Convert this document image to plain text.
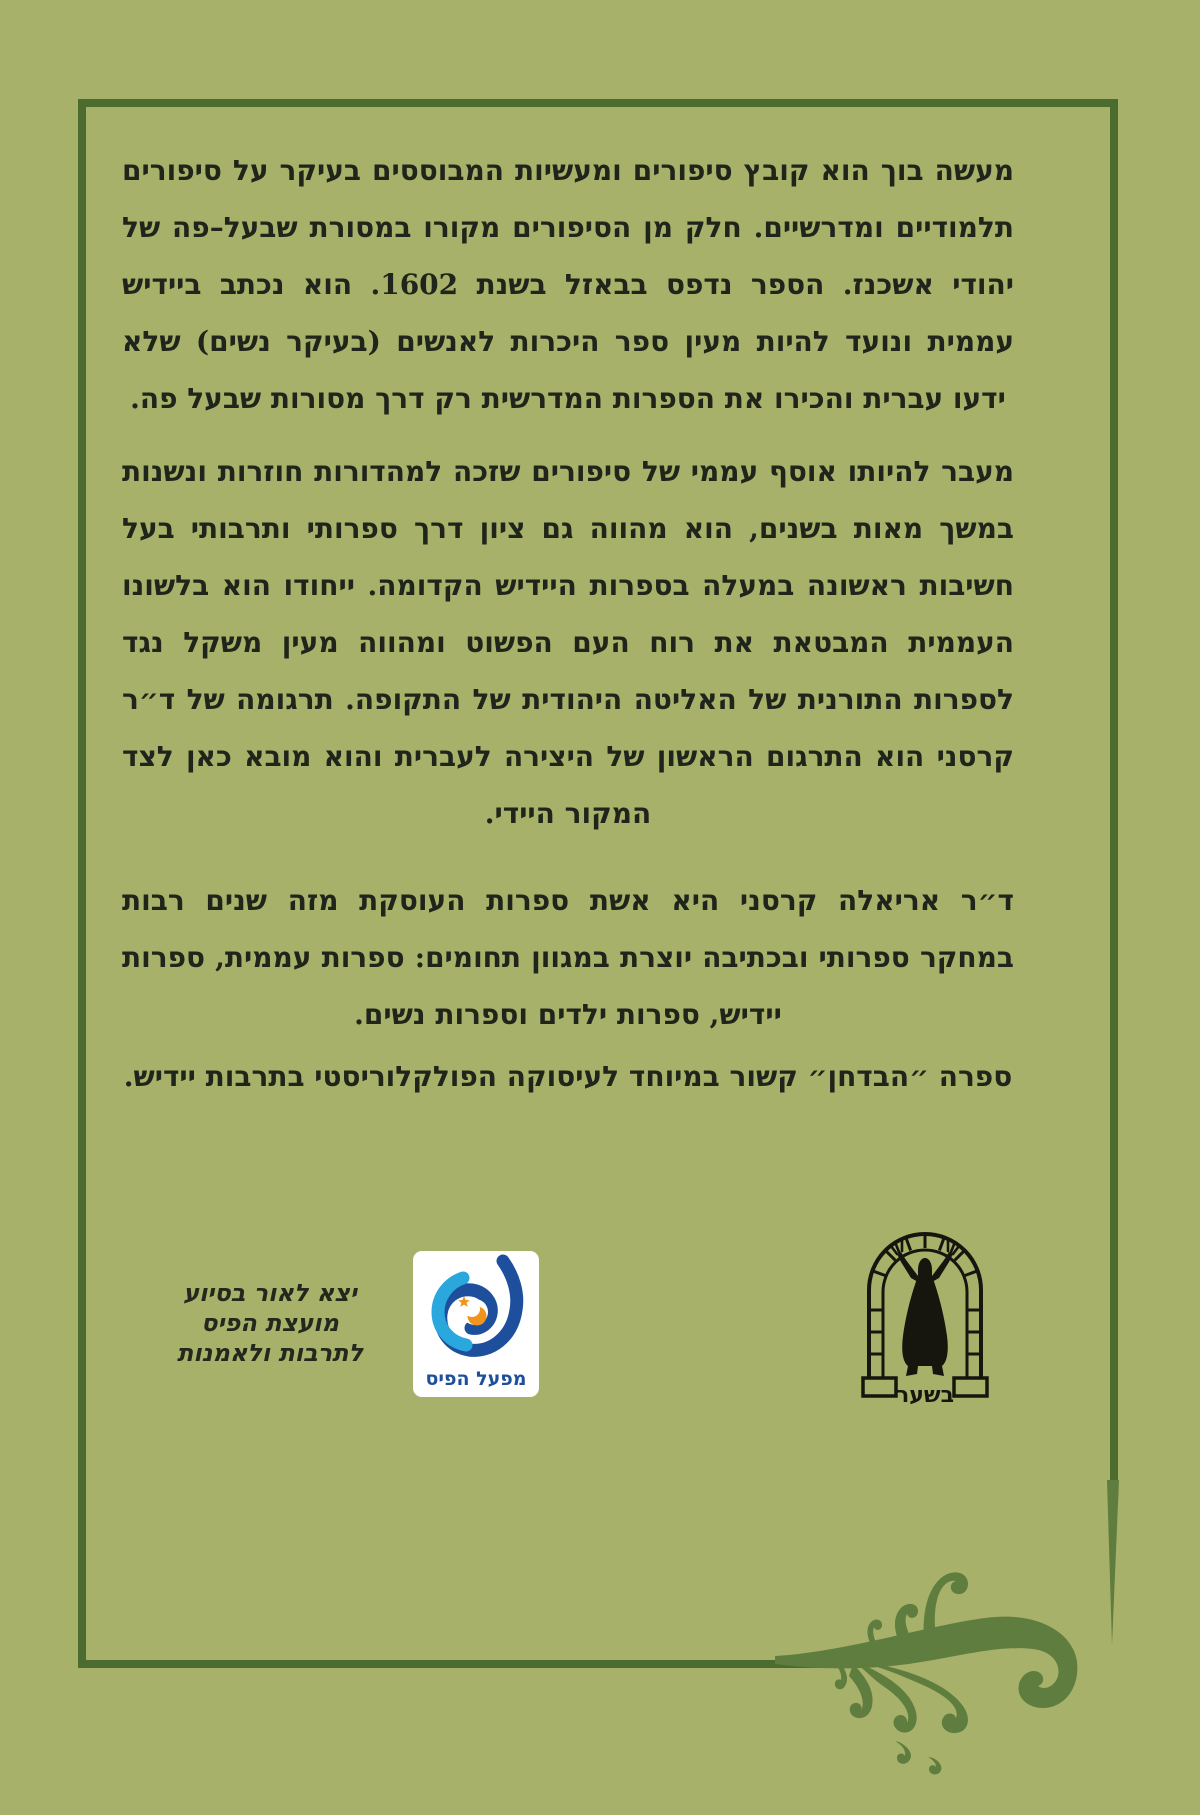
מעשה בוך הוא קובץ סיפורים ומעשיות המבוססים בעיקר על סיפורים תלמודיים ומדרשיים. חלק מן הסיפורים מקורו במסורת שבעל–פה של יהודי אשכנז. הספר נדפס בבאזל בשנת 1602. הוא נכתב ביידיש עממית ונועד להיות מעין ספר היכרות לאנשים (בעיקר נשים) שלא ידעו עברית והכירו את הספרות המדרשית רק דרך מסורות שבעל פה.

מעבר להיותו אוסף עממי של סיפורים שזכה למהדורות חוזרות ונשנות במשך מאות בשנים, הוא מהווה גם ציון דרך ספרותי ותרבותי בעל חשיבות ראשונה במעלה בספרות היידיש הקדומה. ייחודו הוא בלשונו העממית המבטאת את רוח העם הפשוט ומהווה מעין משקל נגד לספרות התורנית של האליטה היהודית של התקופה. תרגומה של ד״ר קרסני הוא התרגום הראשון של היצירה לעברית והוא מובא כאן לצד המקור היידי.

ד״ר אריאלה קרסני היא אשת ספרות העוסקת מזה שנים רבות במחקר ספרותי ובכתיבה יוצרת במגוון תחומים: ספרות עממית, ספרות יידיש, ספרות ילדים וספרות נשים.

ספרה ״הבדחן״ קשור במיוחד לעיסוקה הפולקלוריסטי בתרבות יידיש.

יצא לאור בסיוע
מועצת הפיס
לתרבות ולאמנות
מפעל הפיס
בשער
